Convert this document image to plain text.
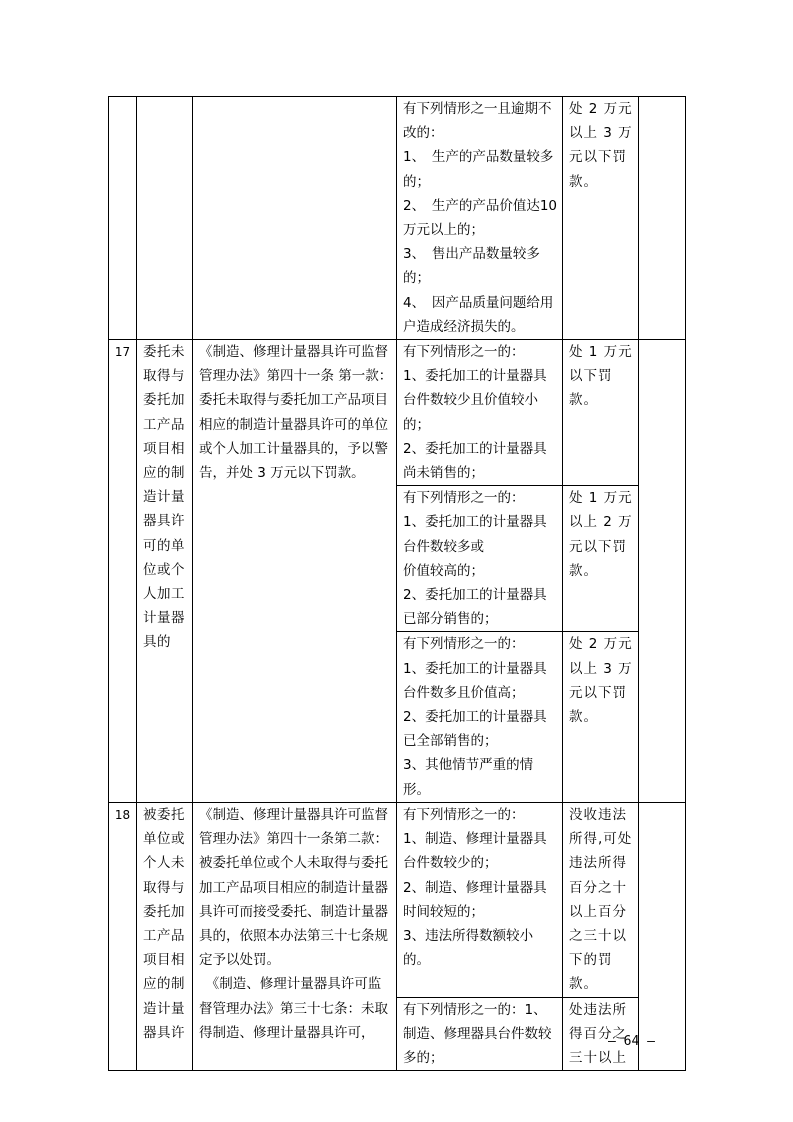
			有下列情形之一且逾期不改的：
1、　生产的产品数量较多的；
2、　生产的产品价值达10万元以上的；
3、　售出产品数量较多的；
4、　因产品质量问题给用户造成经济损失的。	处 2 万元以上 3 万元以下罚款。	
17	委托未取得与委托加工产品项目相应的制造计量器具许可的单位或个人加工计量器具的	《制造、修理计量器具许可监督管理办法》第四十一条 第一款：委托未取得与委托加工产品项目相应的制造计量器具许可的单位或个人加工计量器具的，予以警告，并处 3 万元以下罚款。	有下列情形之一的：
1、委托加工的计量器具台件数较少且价值较小的；
2、委托加工的计量器具尚未销售的；	处 1 万元以下罚款。	
			有下列情形之一的：
1、委托加工的计量器具台件数较多或
价值较高的；
2、委托加工的计量器具已部分销售的；	处 1 万元以上 2 万元以下罚款。	
			有下列情形之一的：
1、委托加工的计量器具台件数多且价值高；
2、委托加工的计量器具已全部销售的；
3、其他情节严重的情形。	处 2 万元以上 3 万元以下罚款。	
18	被委托单位或个人未取得与委托加工产品项目相应的制造计量器具许	《制造、修理计量器具许可监督管理办法》第四十一条第二款：被委托单位或个人未取得与委托加工产品项目相应的制造计量器具许可而接受委托、制造计量器具的，依照本办法第三十七条规定予以处罚。
　《制造、修理计量器具许可监督管理办法》第三十七条：未取得制造、修理计量器具许可，	有下列情形之一的：
1、制造、修理计量器具台件数较少的；
2、制造、修理计量器具时间较短的；
3、违法所得数额较小的。	没收违法所得,可处违法所得百分之十以上百分之三十以下的罚款。	
			有下列情形之一的：1、制造、修理器具台件数较多的；	处违法所得百分之三十以上	
— 64 —
